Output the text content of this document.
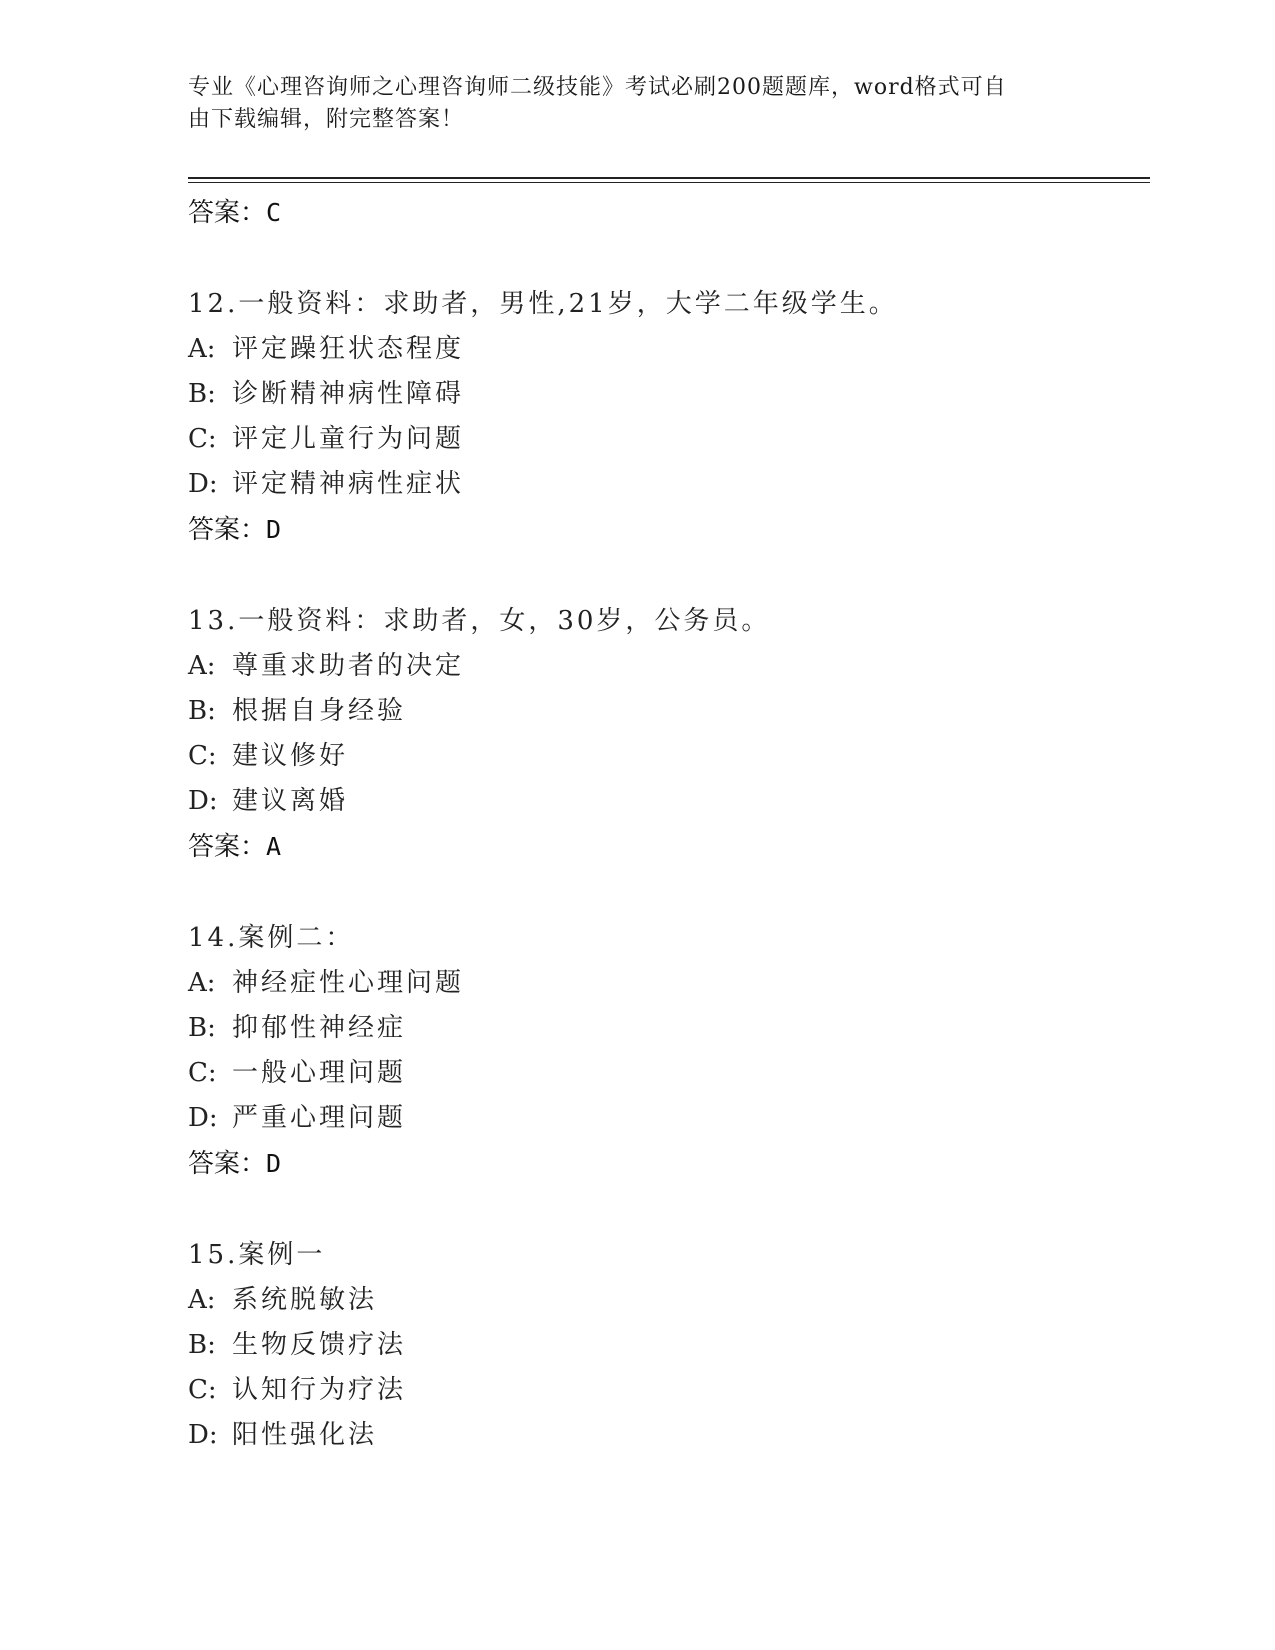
专业《心理咨询师之心理咨询师二级技能》考试必刷200题题库，word格式可自
由下载编辑，附完整答案！
答案：C
12.一般资料：求助者，男性,21岁，大学二年级学生。
A: 评定躁狂状态程度
B: 诊断精神病性障碍
C: 评定儿童行为问题
D: 评定精神病性症状
答案：D
13.一般资料：求助者，女，30岁，公务员。
A: 尊重求助者的决定
B: 根据自身经验
C: 建议修好
D: 建议离婚
答案：A
14.案例二：
A: 神经症性心理问题
B: 抑郁性神经症
C: 一般心理问题
D: 严重心理问题
答案：D
15.案例一
A: 系统脱敏法
B: 生物反馈疗法
C: 认知行为疗法
D: 阳性强化法
